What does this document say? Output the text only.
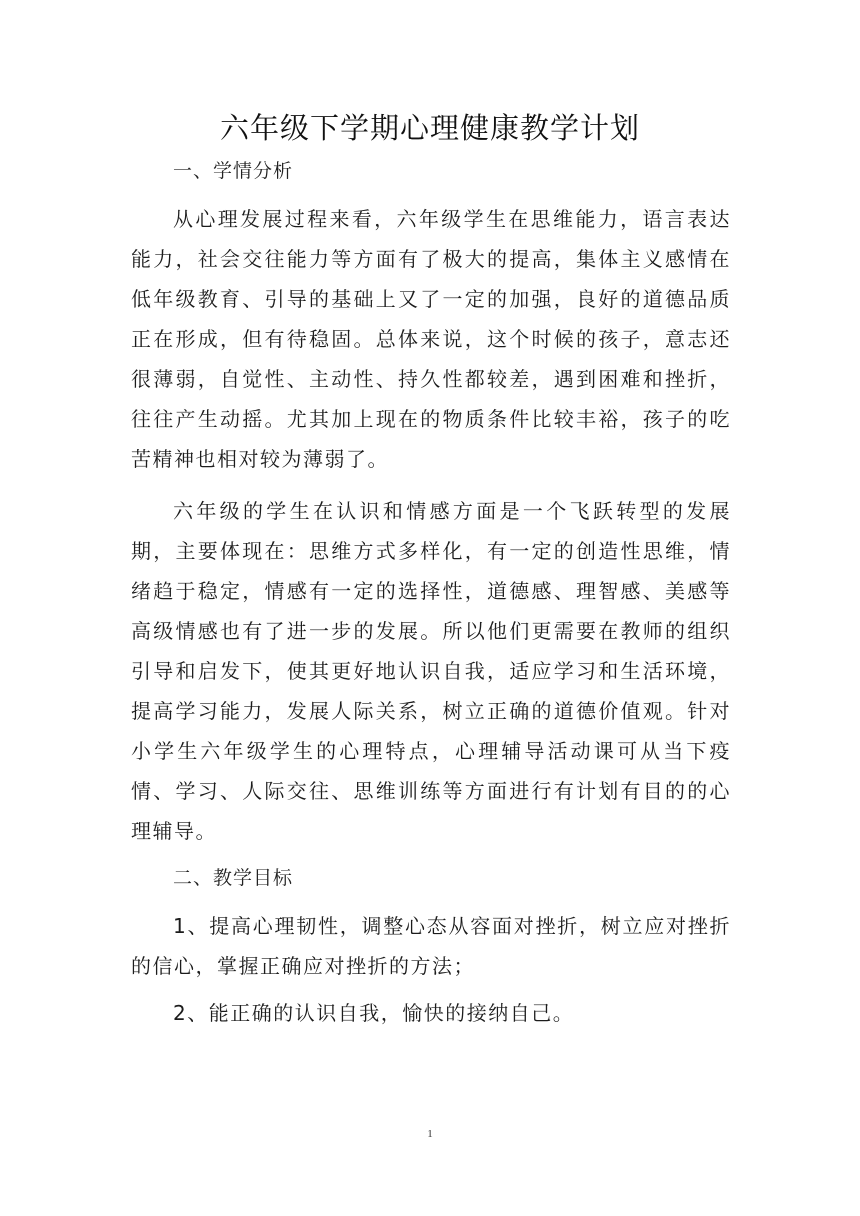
六年级下学期心理健康教学计划

一、学情分析

从心理发展过程来看，六年级学生在思维能力，语言表达能力，社会交往能力等方面有了极大的提高，集体主义感情在低年级教育、引导的基础上又了一定的加强，良好的道德品质正在形成，但有待稳固。总体来说，这个时候的孩子，意志还很薄弱，自觉性、主动性、持久性都较差，遇到困难和挫折，往往产生动摇。尤其加上现在的物质条件比较丰裕，孩子的吃苦精神也相对较为薄弱了。

六年级的学生在认识和情感方面是一个飞跃转型的发展期，主要体现在：思维方式多样化，有一定的创造性思维，情绪趋于稳定，情感有一定的选择性，道德感、理智感、美感等高级情感也有了进一步的发展。所以他们更需要在教师的组织引导和启发下，使其更好地认识自我，适应学习和生活环境，提高学习能力，发展人际关系，树立正确的道德价值观。针对小学生六年级学生的心理特点，心理辅导活动课可从当下疫情、学习、人际交往、思维训练等方面进行有计划有目的的心理辅导。

二、教学目标

1、提高心理韧性，调整心态从容面对挫折，树立应对挫折的信心，掌握正确应对挫折的方法；

2、能正确的认识自我，愉快的接纳自己。

1
